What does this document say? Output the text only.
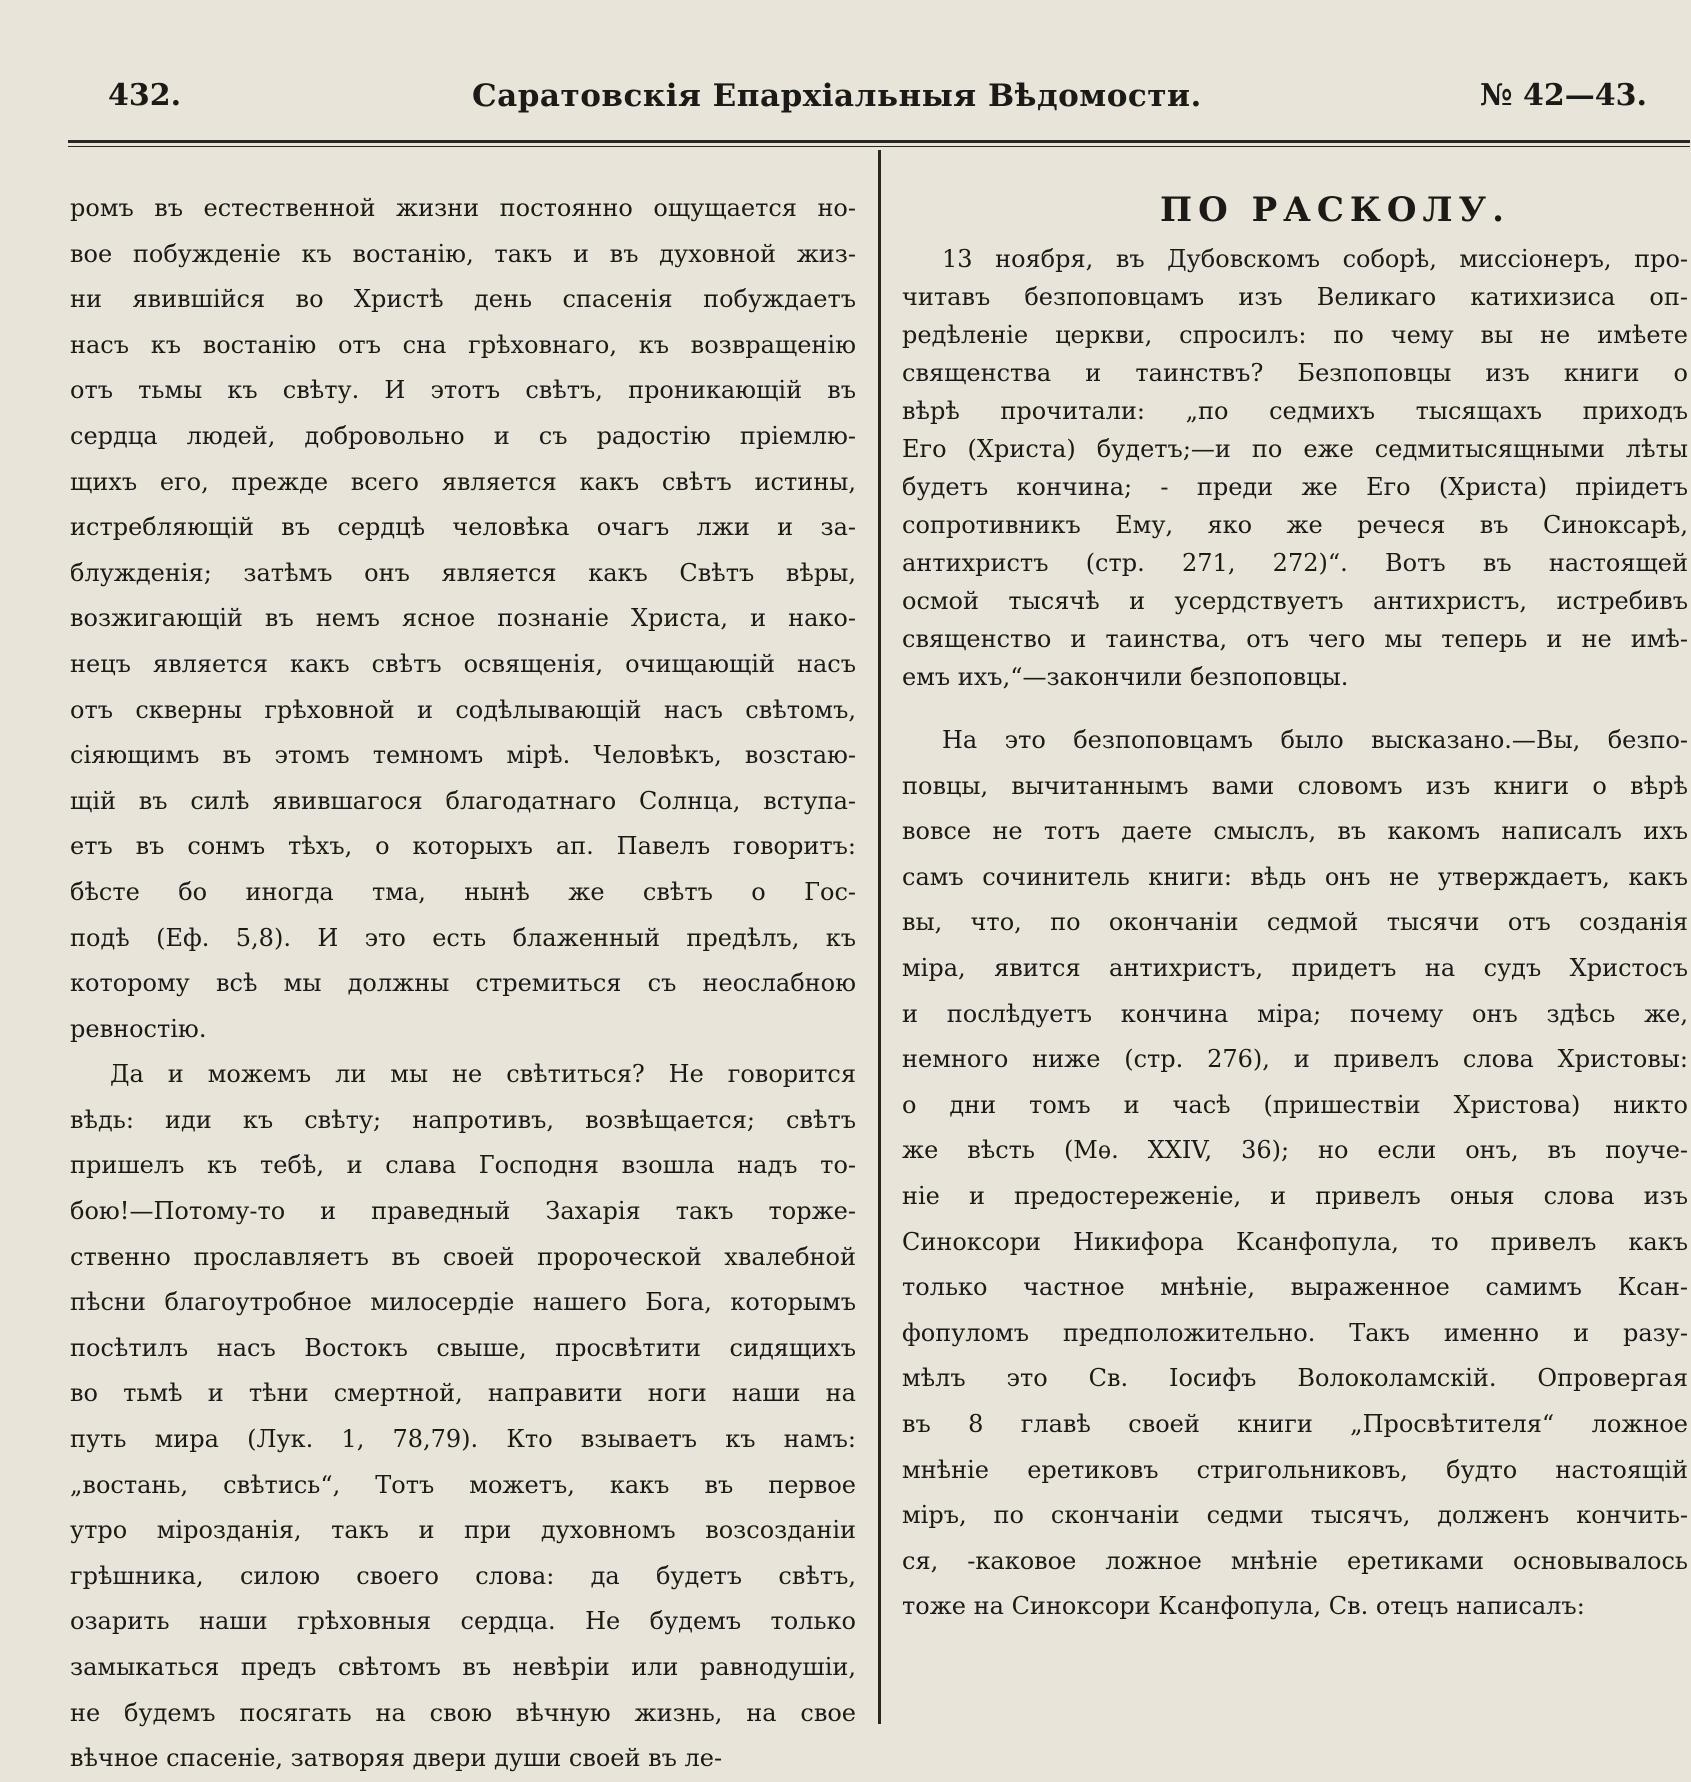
432.	Саратовскія Епархіальныя Вѣдомости.	№ 42—43.
ромъ въ естественной жизни постоянно ощущается но-
вое побужденіе къ востанію, такъ и въ духовной жиз-
ни явившійся во Христѣ день спасенія побуждаетъ
насъ къ востанію отъ сна грѣховнаго, къ возвращенію
отъ тьмы къ свѣту. И этотъ свѣтъ, проникающій въ
сердца людей, добровольно и съ радостію пріемлю-
щихъ его, прежде всего является какъ свѣтъ истины,
истребляющій въ сердцѣ человѣка очагъ лжи и за-
блужденія; затѣмъ онъ является какъ Свѣтъ вѣры,
возжигающій въ немъ ясное познаніе Христа, и нако-
нецъ является какъ свѣтъ освященія, очищающій насъ
отъ скверны грѣховной и содѣлывающій насъ свѣтомъ,
сіяющимъ въ этомъ темномъ мірѣ. Человѣкъ, возстаю-
щій въ силѣ явившагося благодатнаго Солнца, вступа-
етъ въ сонмъ тѣхъ, о которыхъ ап. Павелъ говоритъ:
бѣсте бо иногда тма, нынѣ же свѣтъ о Гос-
подѣ (Еф. 5,8). И это есть блаженный предѣлъ, къ
которому всѣ мы должны стремиться съ неослабною
ревностію.
Да и можемъ ли мы не свѣтиться? Не говорится
вѣдь: иди къ свѣту; напротивъ, возвѣщается; свѣтъ
пришелъ къ тебѣ, и слава Господня взошла надъ то-
бою!—Потому-то и праведный Захарія такъ торже-
ственно прославляетъ въ своей пророческой хвалебной
пѣсни благоутробное милосердіе нашего Бога, которымъ
посѣтилъ насъ Востокъ свыше, просвѣтити сидящихъ
во тьмѣ и тѣни смертной, направити ноги наши на
путь мира (Лук. 1, 78,79). Кто взываетъ къ намъ:
„востань, свѣтись“, Тотъ можетъ, какъ въ первое
утро мірозданія, такъ и при духовномъ возсозданіи
грѣшника, силою своего слова: да будетъ свѣтъ,
озарить наши грѣховныя сердца. Не будемъ только
замыкаться предъ свѣтомъ въ невѣріи или равнодушіи,
не будемъ посягать на свою вѣчную жизнь, на свое
вѣчное спасеніе, затворяя двери души своей въ ле-
ПО РАСКОЛУ.
13 ноября, въ Дубовскомъ соборѣ, миссіонеръ, про-
читавъ безпоповцамъ изъ Великаго катихизиса оп-
редѣленіе церкви, спросилъ: по чему вы не имѣете
священства и таинствъ? Безпоповцы изъ книги о
вѣрѣ прочитали: „по седмихъ тысящахъ приходъ
Его (Христа) будетъ;—и по еже седмитысящными лѣты
будетъ кончина; - преди же Его (Христа) пріидетъ
сопротивникъ Ему, яко же речеся въ Синоксарѣ,
антихристъ (стр. 271, 272)“. Вотъ въ настоящей
осмой тысячѣ и усердствуетъ антихристъ, истребивъ
священство и таинства, отъ чего мы теперь и не имѣ-
емъ ихъ,“—закончили безпоповцы.
На это безпоповцамъ было высказано.—Вы, безпо-
повцы, вычитаннымъ вами словомъ изъ книги о вѣрѣ
вовсе не тотъ даете смыслъ, въ какомъ написалъ ихъ
самъ сочинитель книги: вѣдь онъ не утверждаетъ, какъ
вы, что, по окончаніи седмой тысячи отъ созданія
міра, явится антихристъ, придетъ на судъ Христосъ
и послѣдуетъ кончина міра; почему онъ здѣсь же,
немного ниже (стр. 276), и привелъ слова Христовы:
о дни томъ и часѣ (пришествіи Христова) никто
же вѣсть (Мѳ. XXIV, 36); но если онъ, въ поуче-
ніе и предостереженіе, и привелъ оныя слова изъ
Синоксори Никифора Ксанфопула, то привелъ какъ
только частное мнѣніе, выраженное самимъ Ксан-
фопуломъ предположительно. Такъ именно и разу-
мѣлъ это Св. Іосифъ Волоколамскій. Опровергая
въ 8 главѣ своей книги „Просвѣтителя“ ложное
мнѣніе еретиковъ стригольниковъ, будто настоящій
міръ, по скончаніи седми тысячъ, долженъ кончить-
ся, -каковое ложное мнѣніе еретиками основывалось
тоже на Синоксори Ксанфопула, Св. отецъ написалъ:
